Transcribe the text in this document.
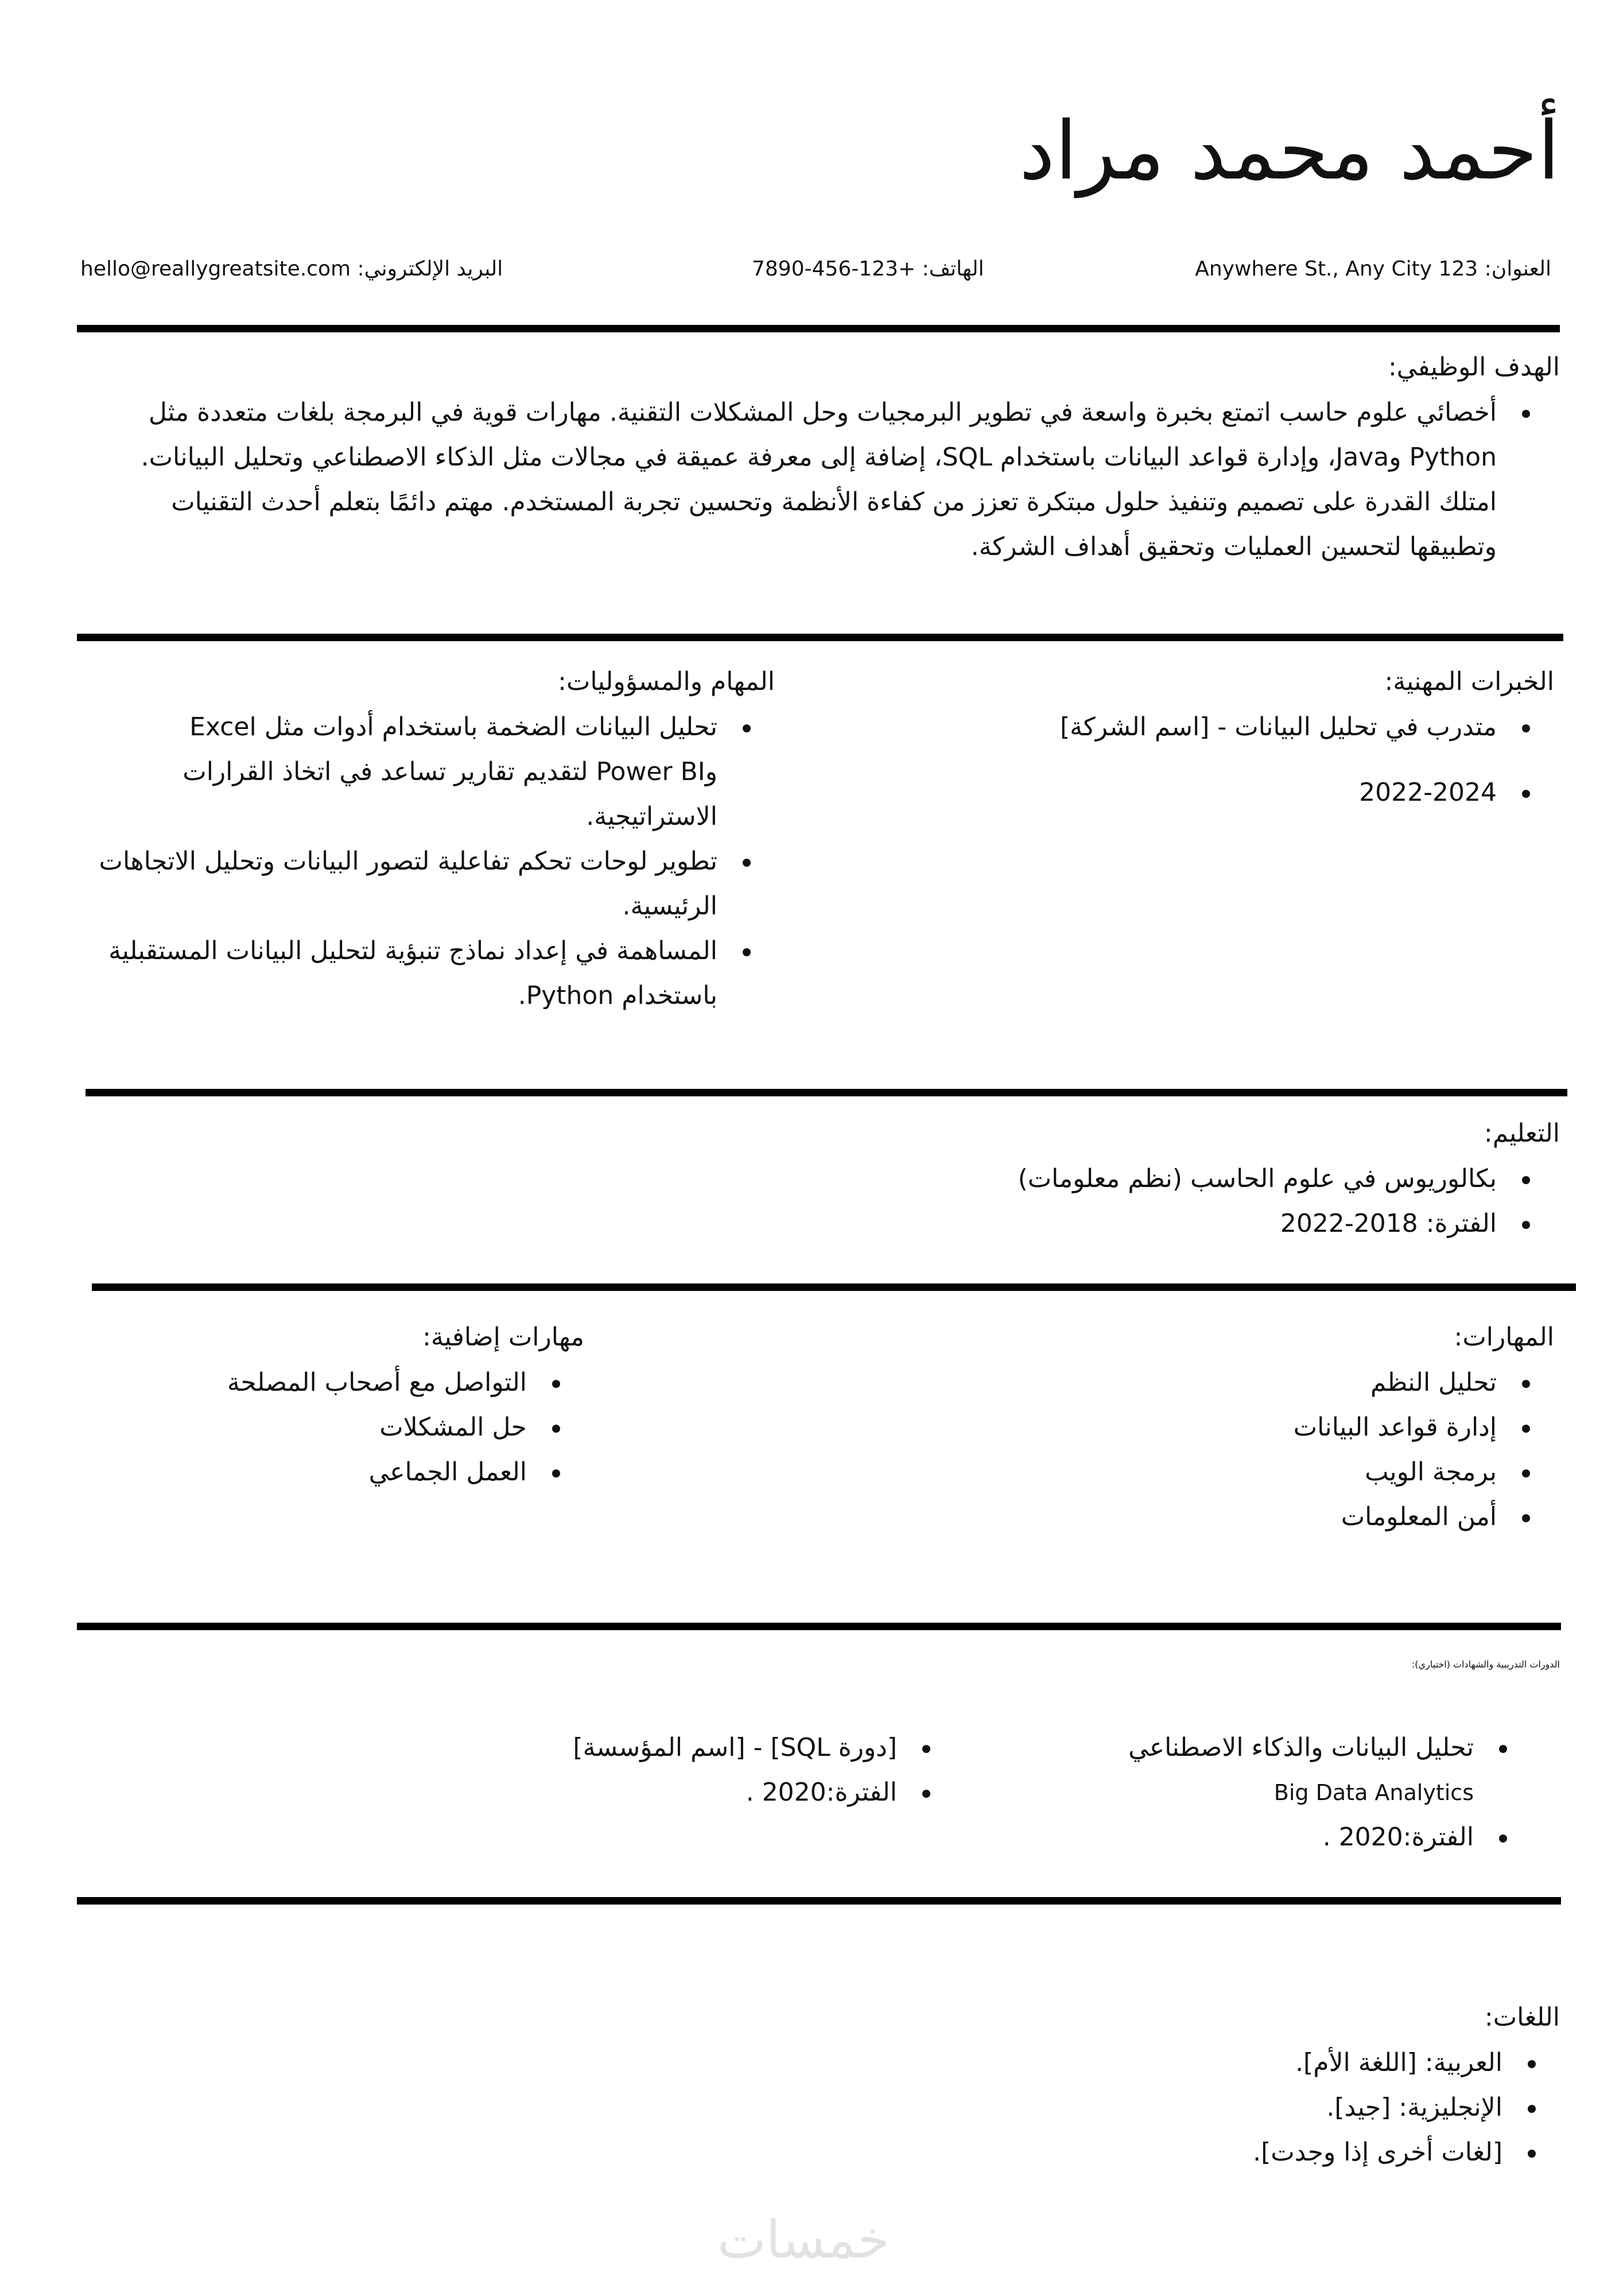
أحمد محمد مراد
العنوان: 123 Anywhere St., Any City
الهاتف: +123-456-7890
البريد الإلكتروني: hello@reallygreatsite.com
الهدف الوظيفي:
أخصائي علوم حاسب اتمتع بخبرة واسعة في تطوير البرمجيات وحل المشكلات التقنية. مهارات قوية في البرمجة بلغات متعددة مثل Python وJava، وإدارة قواعد البيانات باستخدام SQL، إضافة إلى معرفة عميقة في مجالات مثل الذكاء الاصطناعي وتحليل البيانات. امتلك القدرة على تصميم وتنفيذ حلول مبتكرة تعزز من كفاءة الأنظمة وتحسين تجربة المستخدم. مهتم دائمًا بتعلم أحدث التقنيات وتطبيقها لتحسين العمليات وتحقيق أهداف الشركة.
الخبرات المهنية:
متدرب في تحليل البيانات - [اسم الشركة]
2022-2024
المهام والمسؤوليات:
تحليل البيانات الضخمة باستخدام أدوات مثل Excel وPower BI لتقديم تقارير تساعد في اتخاذ القرارات الاستراتيجية.
تطوير لوحات تحكم تفاعلية لتصور البيانات وتحليل الاتجاهات الرئيسية.
المساهمة في إعداد نماذج تنبؤية لتحليل البيانات المستقبلية باستخدام Python.
التعليم:
بكالوريوس في علوم الحاسب (نظم معلومات)
الفترة: 2018-2022
المهارات:
تحليل النظم
إدارة قواعد البيانات
برمجة الويب
أمن المعلومات
مهارات إضافية:
التواصل مع أصحاب المصلحة
حل المشكلات
العمل الجماعي
الدورات التدريبية والشهادات (اختياري):
تحليل البيانات والذكاء الاصطناعي
Big Data Analytics
الفترة:2020 .
[دورة SQL] - [اسم المؤسسة]
الفترة:2020 .
اللغات:
العربية: [اللغة الأم].
الإنجليزية: [جيد].
[لغات أخرى إذا وجدت].
خمسات
